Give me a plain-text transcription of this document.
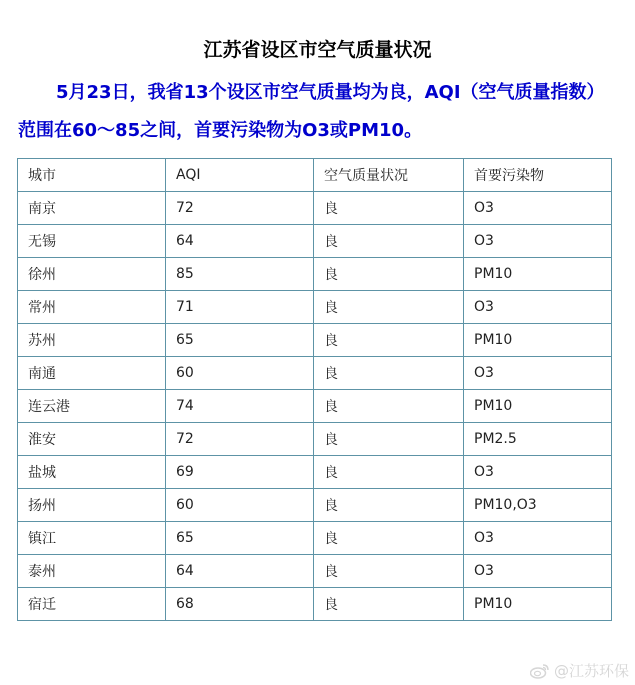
江苏省设区市空气质量状况
5月23日，我省13个设区市空气质量均为良，AQI（空气质量指数）范围在60～85之间，首要污染物为O3或PM10。
城市	AQI	空气质量状况	首要污染物
南京	72	良	O3
无锡	64	良	O3
徐州	85	良	PM10
常州	71	良	O3
苏州	65	良	PM10
南通	60	良	O3
连云港	74	良	PM10
淮安	72	良	PM2.5
盐城	69	良	O3
扬州	60	良	PM10,O3
镇江	65	良	O3
泰州	64	良	O3
宿迁	68	良	PM10
@江苏环保
